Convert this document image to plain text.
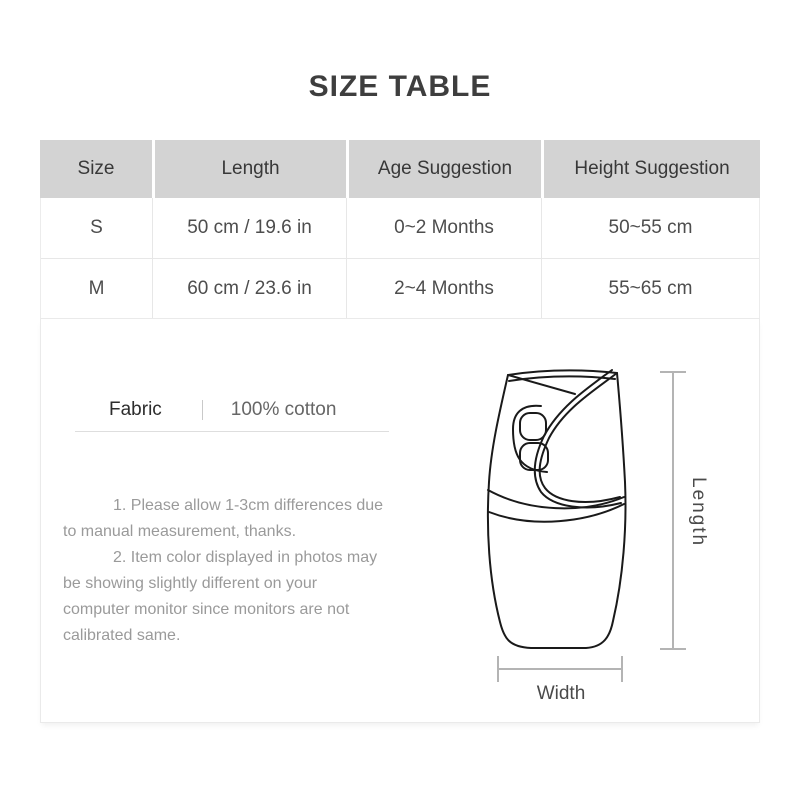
SIZE TABLE
Size	Length	Age Suggestion	Height Suggestion
S	50 cm / 19.6 in	0~2 Months	50~55 cm
M	60 cm / 23.6 in	2~4 Months	55~65 cm
Fabric	100% cotton
1. Please allow 1-3cm differences due
to manual measurement, thanks.
2. Item color displayed in photos may
be showing slightly different on your
computer monitor since monitors are not
calibrated same.
Length
Width
